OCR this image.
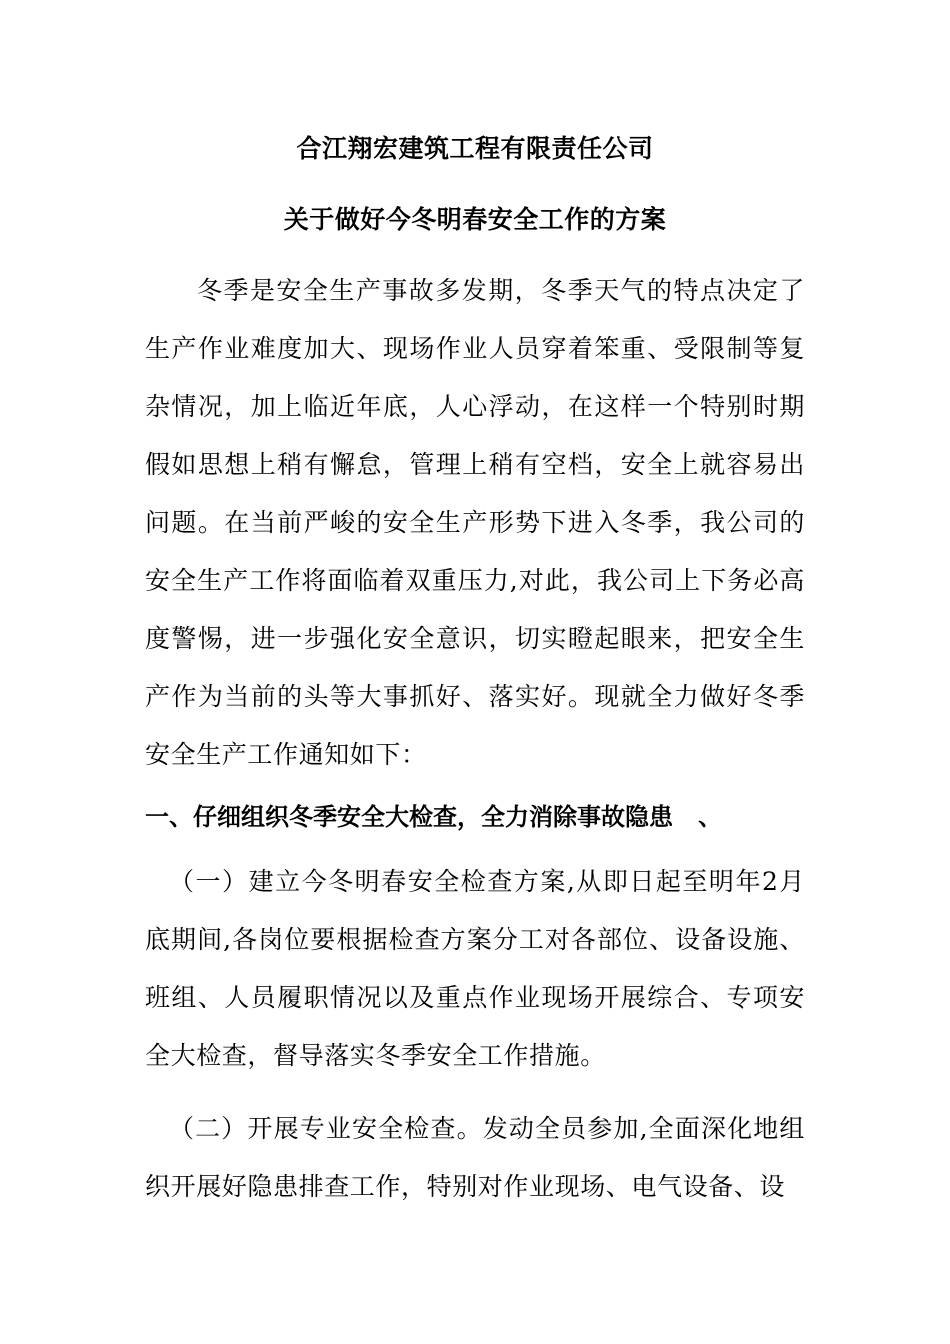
合江翔宏建筑工程有限责任公司
关于做好今冬明春安全工作的方案

冬季是安全生产事故多发期，冬季天气的特点决定了生产作业难度加大、现场作业人员穿着笨重、受限制等复杂情况，加上临近年底，人心浮动，在这样一个特别时期假如思想上稍有懈怠，管理上稍有空档，安全上就容易出问题。在当前严峻的安全生产形势下进入冬季，我公司的安全生产工作将面临着双重压力,对此，我公司上下务必高度警惕，进一步强化安全意识，切实瞪起眼来，把安全生产作为当前的头等大事抓好、落实好。现就全力做好冬季安全生产工作通知如下：

一、仔细组织冬季安全大检查，全力消除事故隐患   、

（一）建立今冬明春安全检查方案,从即日起至明年2月底期间,各岗位要根据检查方案分工对各部位、设备设施、班组、人员履职情况以及重点作业现场开展综合、专项安全大检查，督导落实冬季安全工作措施。

（二）开展专业安全检查。发动全员参加,全面深化地组织开展好隐患排查工作，特别对作业现场、电气设备、设
